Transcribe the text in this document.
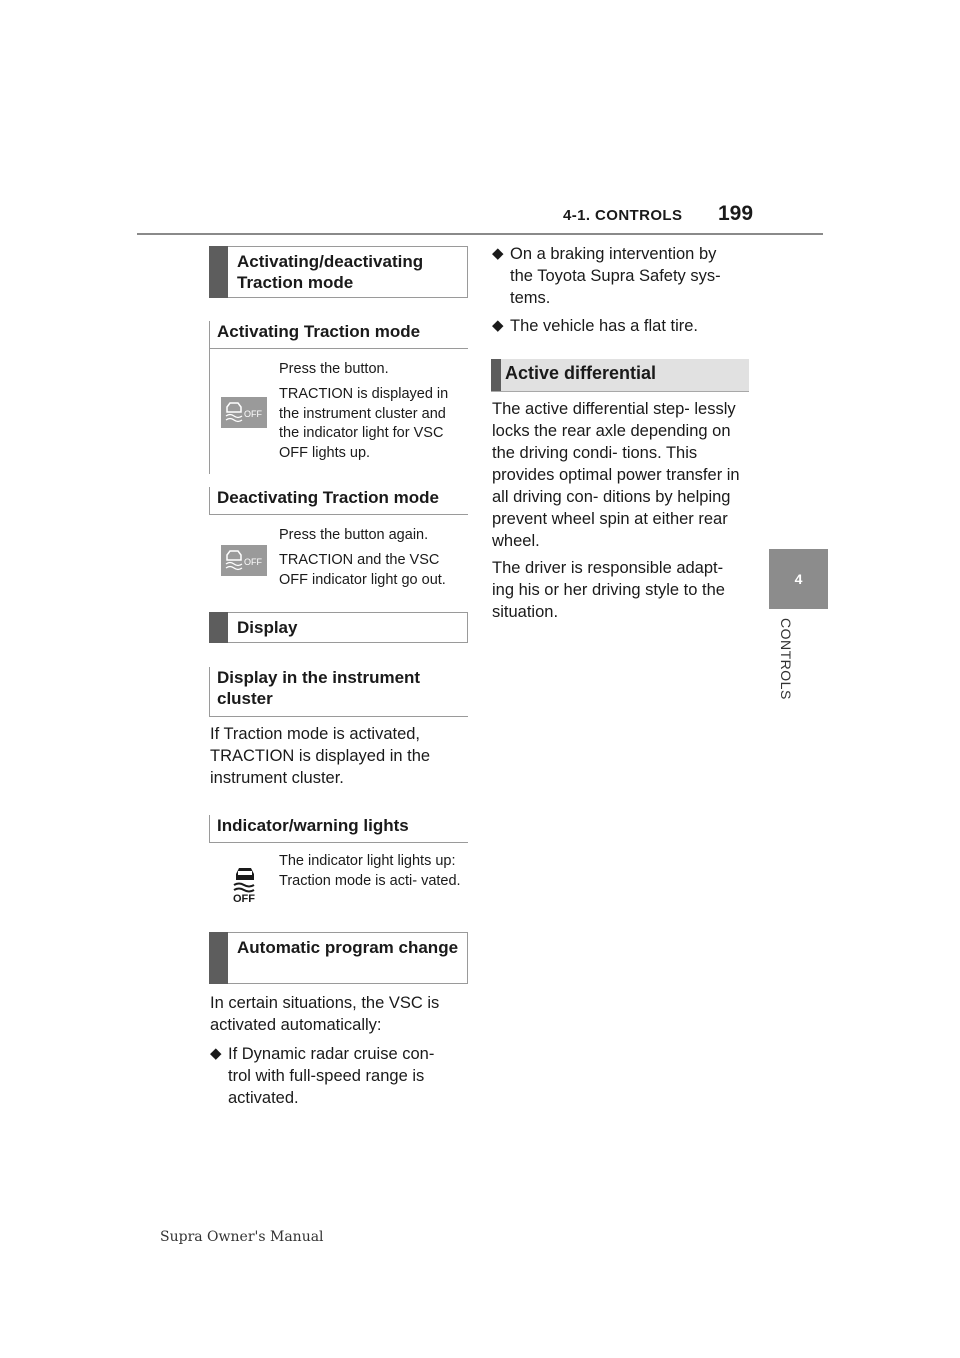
4-1. CONTROLS 199
4
CONTROLS
Activating/deactivating Traction mode
Activating Traction mode
Press the button.
TRACTION is displayed in the instrument cluster and the indicator light for VSC OFF lights up.
OFF
Deactivating Traction mode
Press the button again.
TRACTION and the VSC OFF indicator light go out.
OFF
Display
Display in the instrument cluster
If Traction mode is activated, TRACTION is displayed in the instrument cluster.
Indicator/warning lights
OFF
The indicator light lights up: Traction mode is acti- vated.
Automatic program change
In certain situations, the VSC is activated automatically:
◆ If Dynamic radar cruise con- trol with full-speed range is activated.
◆ On a braking intervention by the Toyota Supra Safety sys- tems.
◆ The vehicle has a flat tire.
Active differential
The active differential step- lessly locks the rear axle depending on the driving condi- tions. This provides optimal power transfer in all driving con- ditions by helping prevent wheel spin at either rear wheel.
The driver is responsible adapt- ing his or her driving style to the situation.
Supra Owner's Manual
